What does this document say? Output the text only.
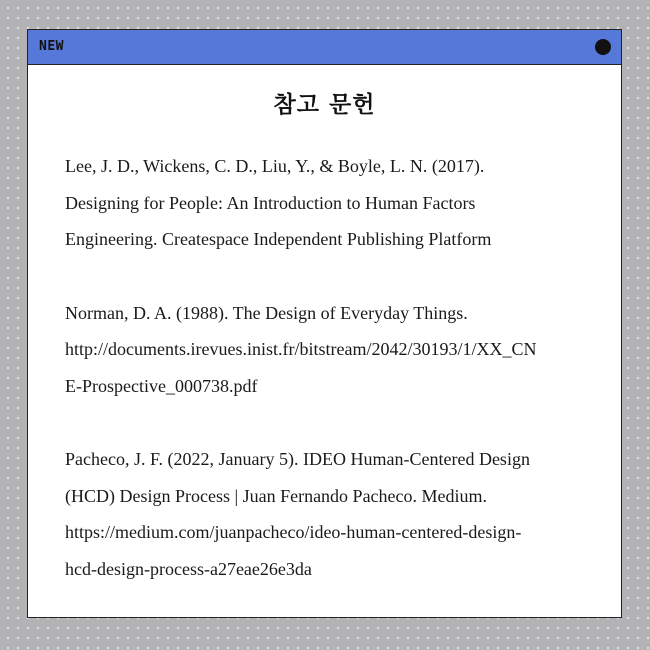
NEW
참고 문헌
Lee, J. D., Wickens, C. D., Liu, Y., & Boyle, L. N. (2017).
Designing for People: An Introduction to Human Factors
Engineering. Createspace Independent Publishing Platform
Norman, D. A. (1988). The Design of Everyday Things.
http://documents.irevues.inist.fr/bitstream/2042/30193/1/XX_CN
E-Prospective_000738.pdf
Pacheco, J. F. (2022, January 5). IDEO Human-Centered Design
(HCD) Design Process | Juan Fernando Pacheco. Medium.
https://medium.com/juanpacheco/ideo-human-centered-design-
hcd-design-process-a27eae26e3da
